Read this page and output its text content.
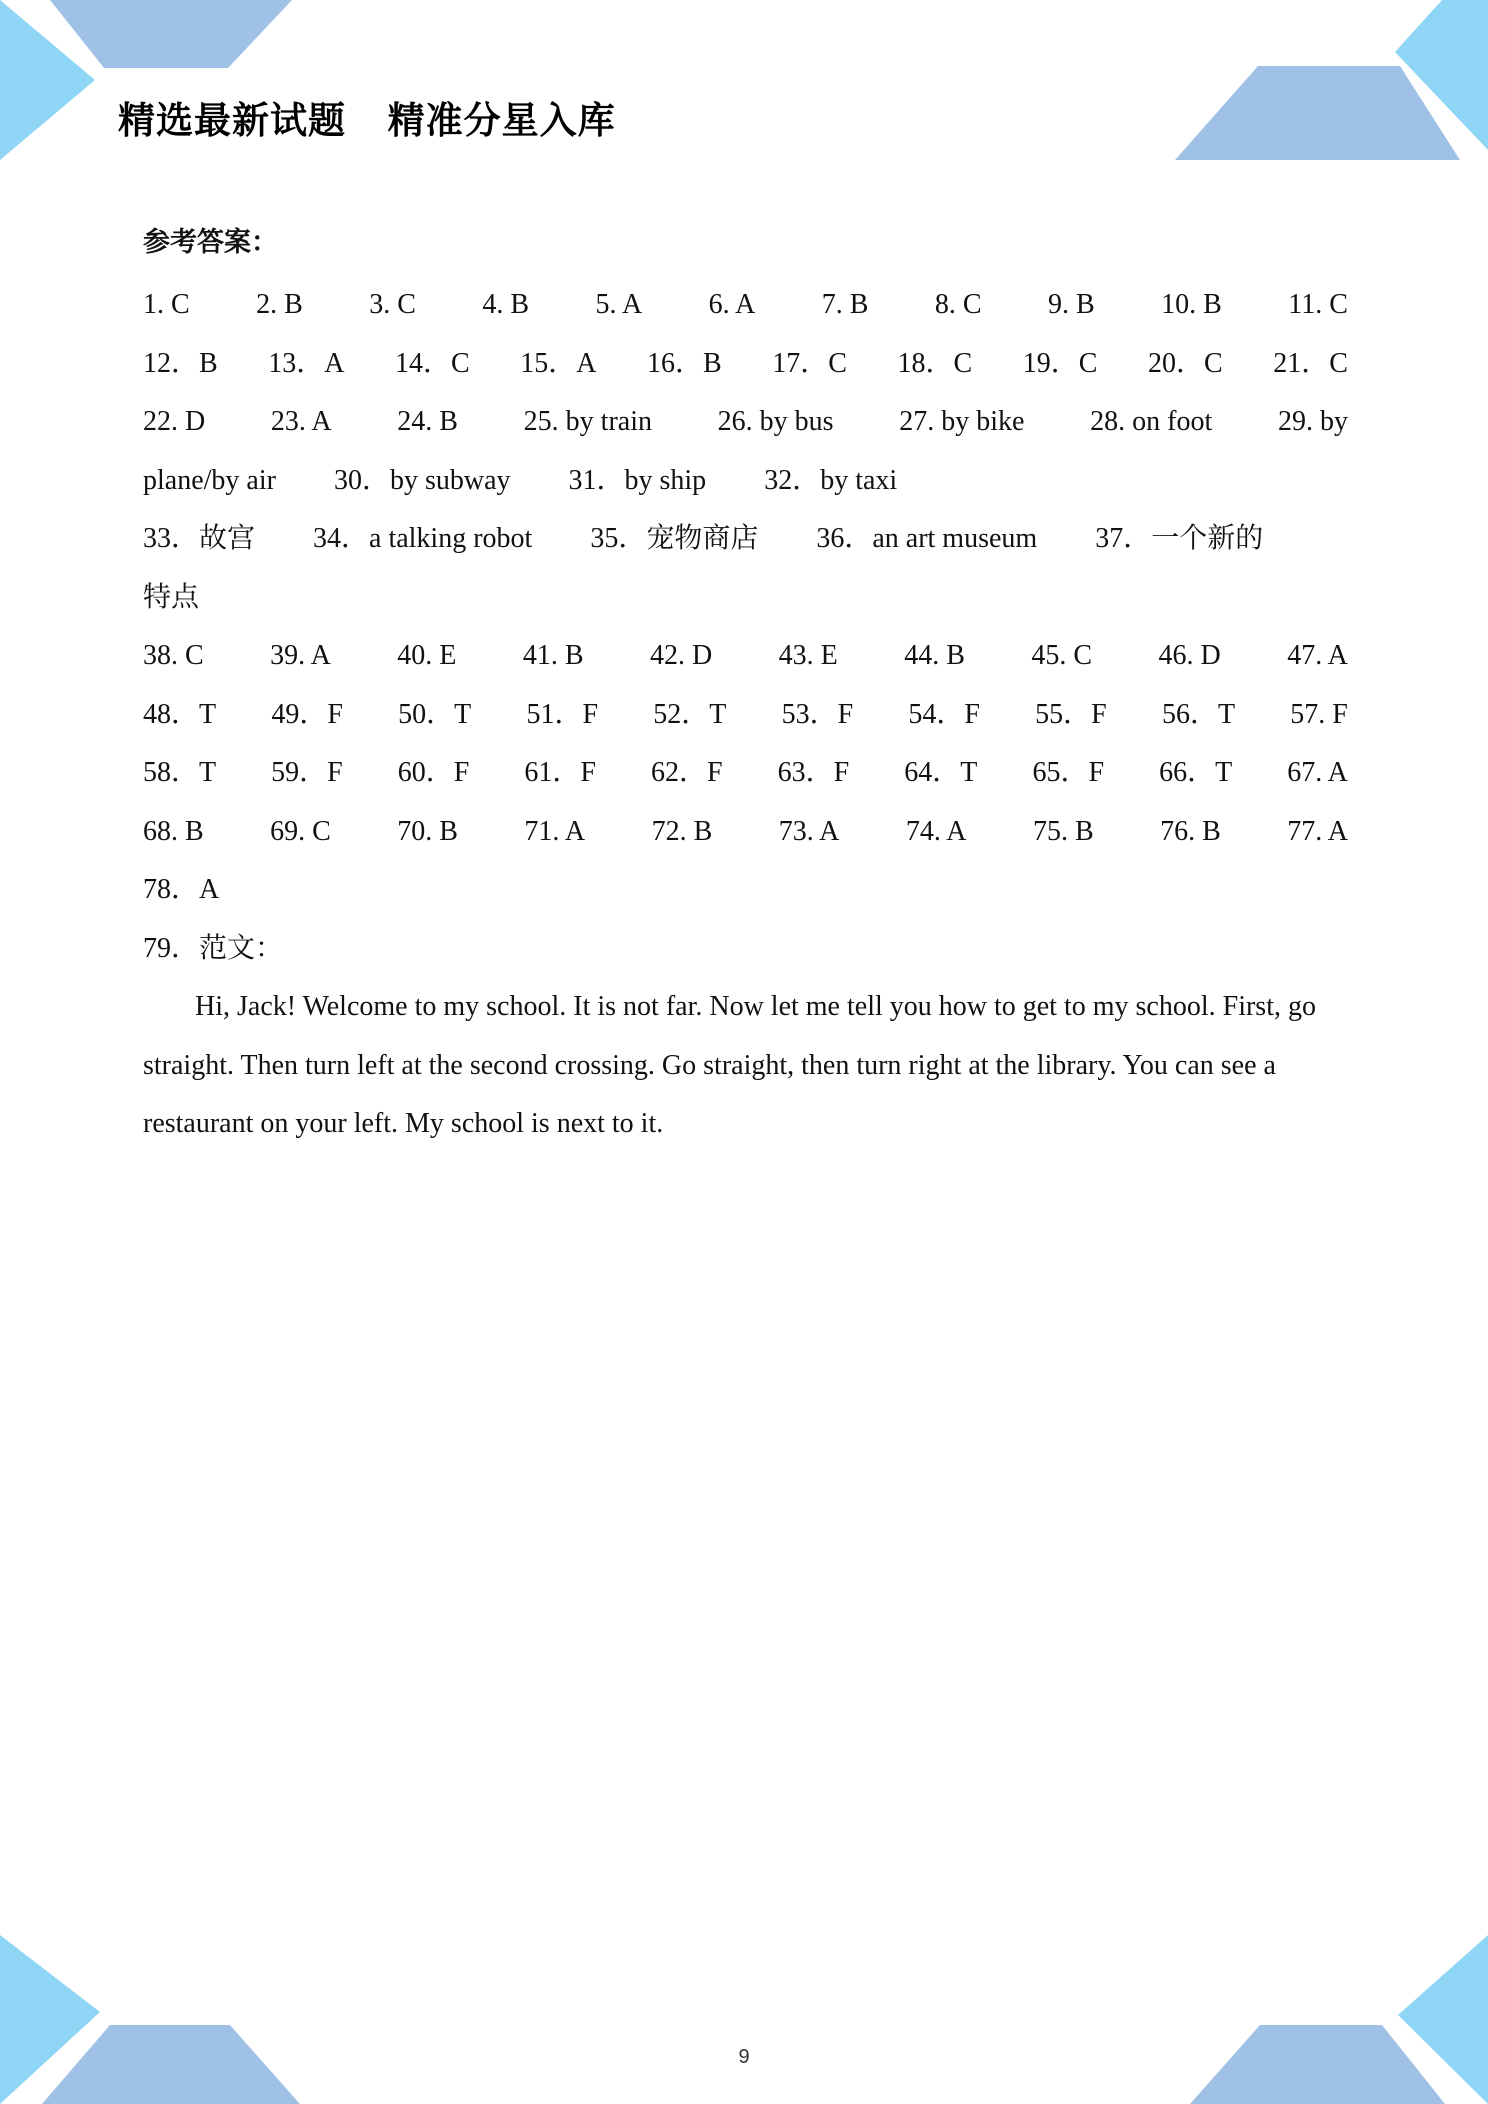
精选最新试题   精准分星入库
参考答案：
1. C 2. B 3. C 4. B 5. A 6. A 7. B 8. C 9. B 10. B 11. C
12．B 13．A 14．C 15．A 16．B 17．C 18．C 19．C 20．C 21．C
22. D 23. A 24. B 25. by train 26. by bus 27. by bike 28. on foot 29. by
plane/by air 30．by subway 31．by ship 32．by taxi
33．故宫 34．a talking robot 35．宠物商店 36．an art museum 37．一个新的
特点
38. C 39. A 40. E 41. B 42. D 43. E 44. B 45. C 46. D 47. A
48．T 49．F 50．T 51．F 52．T 53．F 54．F 55．F 56．T 57. F
58．T 59．F 60．F 61．F 62．F 63．F 64．T 65．F 66．T 67. A
68. B 69. C 70. B 71. A 72. B 73. A 74. A 75. B 76. B 77. A
78．A
79．范文：

Hi, Jack! Welcome to my school. It is not far. Now let me tell you how to get to my school. First, go straight. Then turn left at the second crossing. Go straight, then turn right at the library. You can see a restaurant on your left. My school is next to it.

9
